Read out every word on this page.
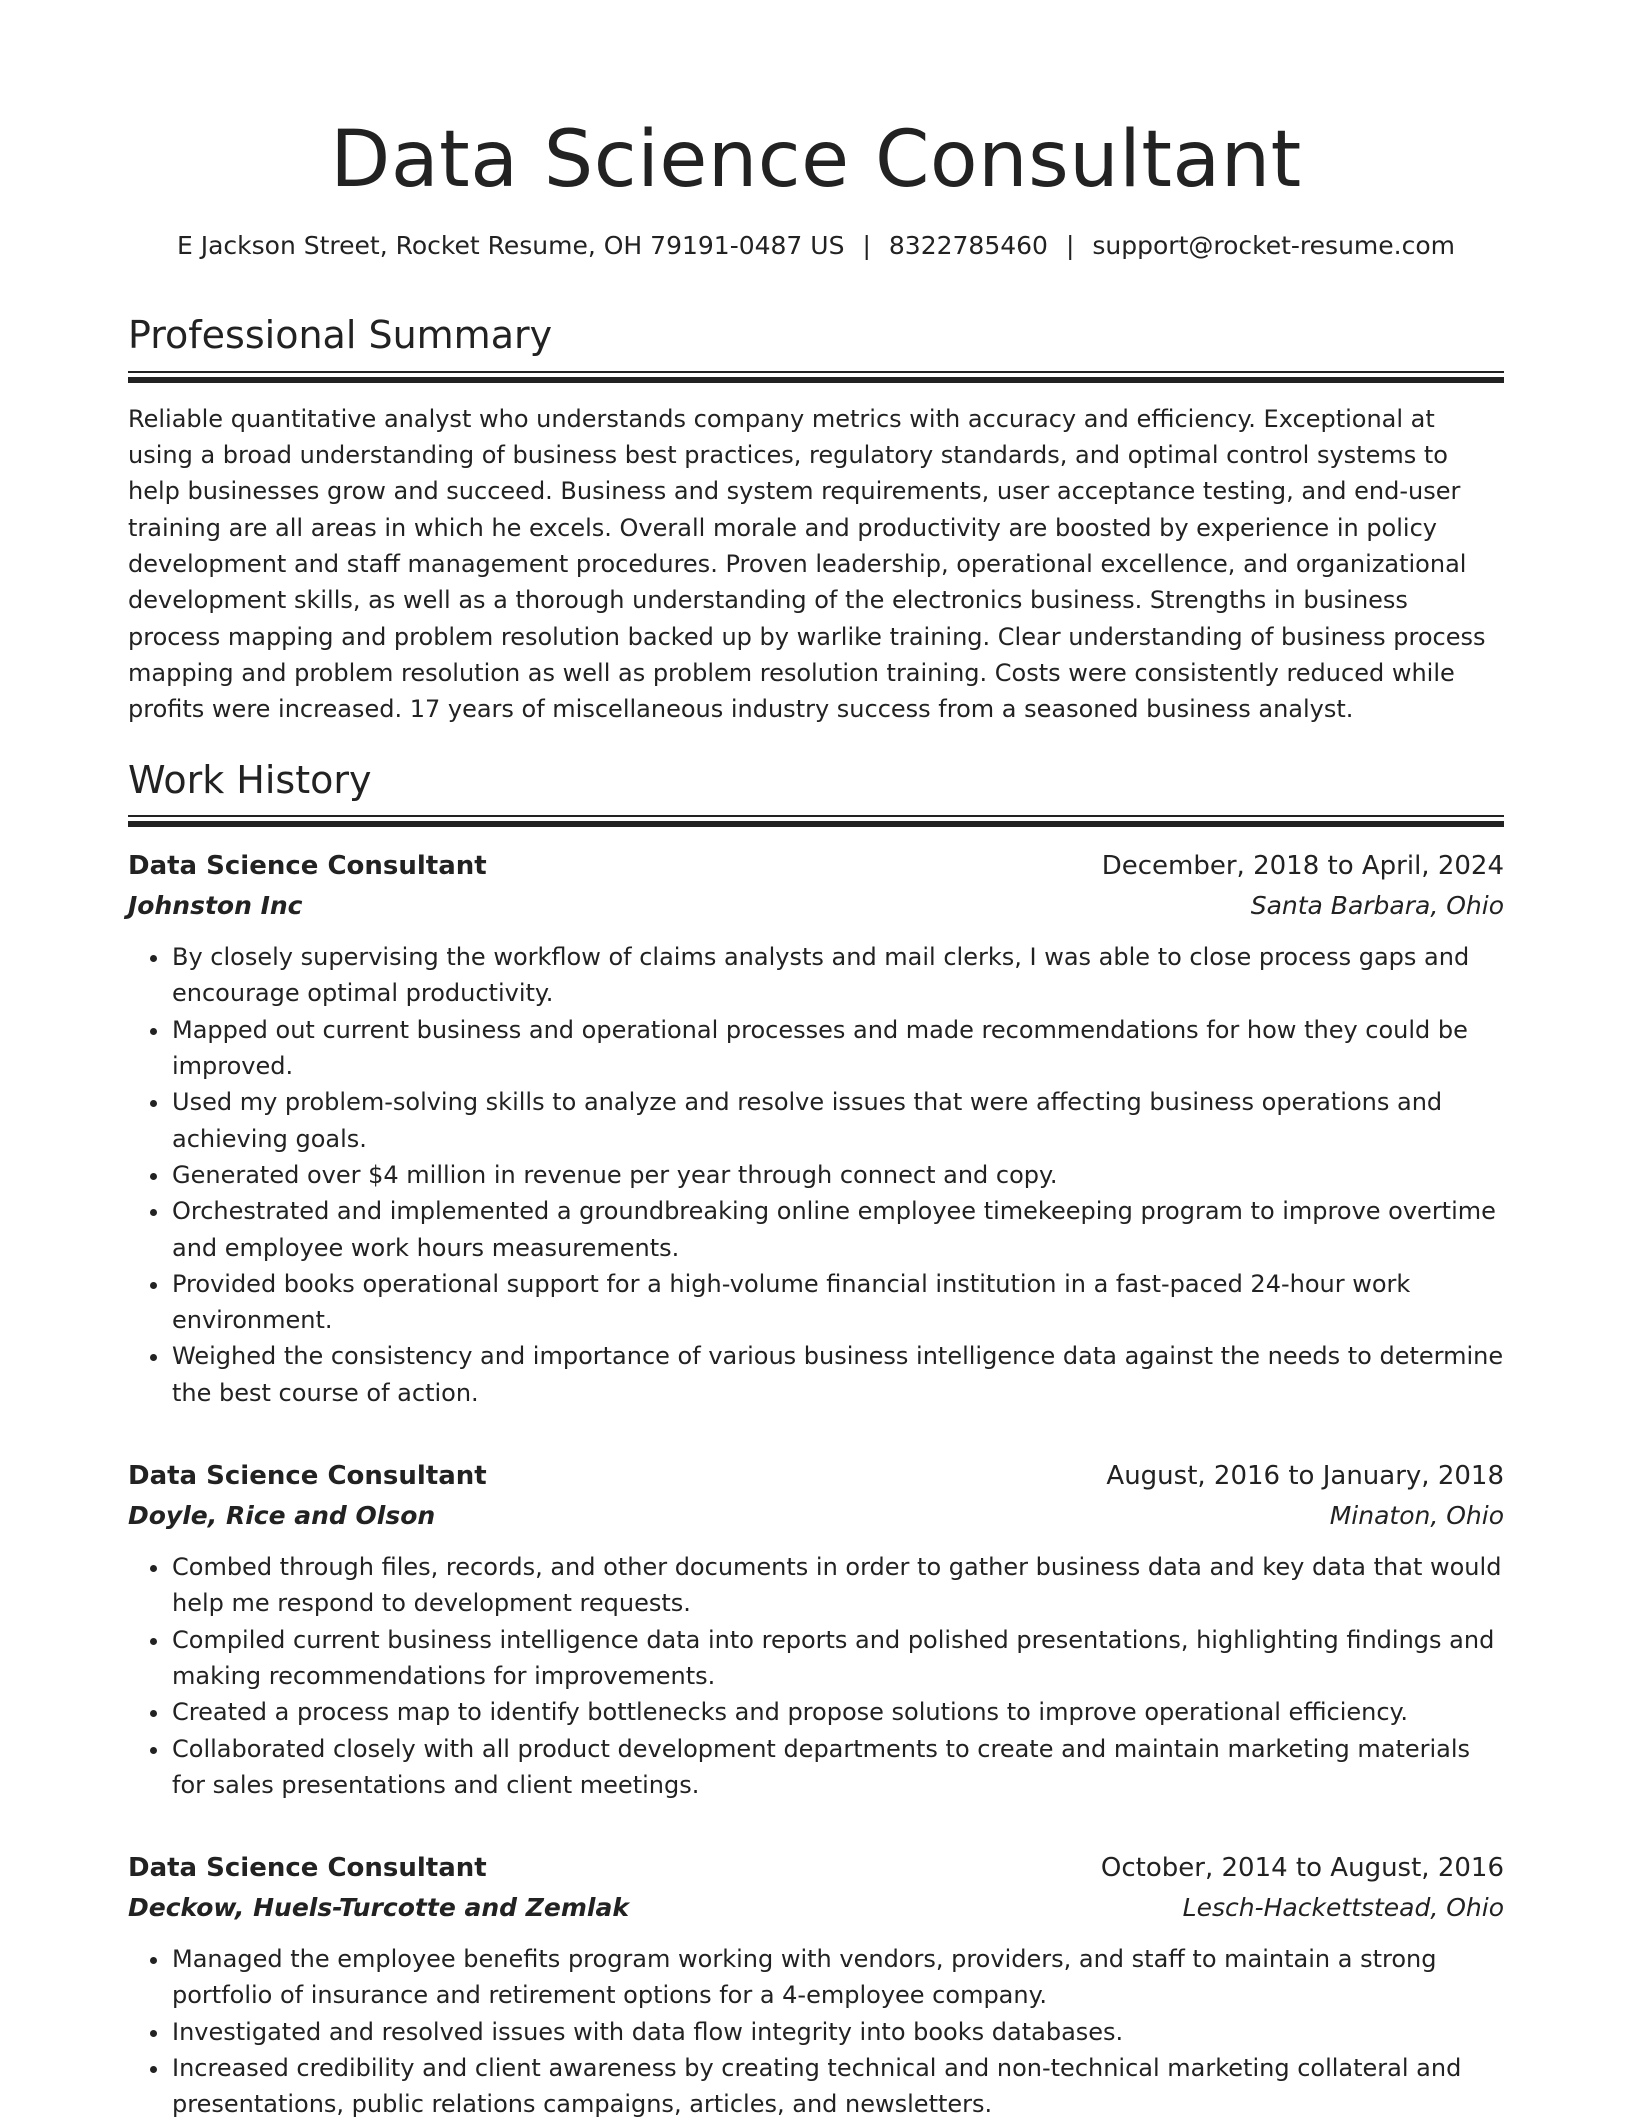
Data Science Consultant
E Jackson Street, Rocket Resume, OH 79191-0487 US | 8322785460 | support@rocket-resume.com
Professional Summary

Reliable quantitative analyst who understands company metrics with accuracy and efficiency. Exceptional at using a broad understanding of business best practices, regulatory standards, and optimal control systems to help businesses grow and succeed. Business and system requirements, user acceptance testing, and end-user training are all areas in which he excels. Overall morale and productivity are boosted by experience in policy development and staff management procedures. Proven leadership, operational excellence, and organizational development skills, as well as a thorough understanding of the electronics business. Strengths in business process mapping and problem resolution backed up by warlike training. Clear understanding of business process mapping and problem resolution as well as problem resolution training. Costs were consistently reduced while profits were increased. 17 years of miscellaneous industry success from a seasoned business analyst.

Work History
Data Science Consultant	December, 2018 to April, 2024
Johnston Inc	Santa Barbara, Ohio
• By closely supervising the workflow of claims analysts and mail clerks, I was able to close process gaps and encourage optimal productivity.
• Mapped out current business and operational processes and made recommendations for how they could be improved.
• Used my problem-solving skills to analyze and resolve issues that were affecting business operations and achieving goals.
• Generated over $4 million in revenue per year through connect and copy.
• Orchestrated and implemented a groundbreaking online employee timekeeping program to improve overtime and employee work hours measurements.
• Provided books operational support for a high-volume financial institution in a fast-paced 24-hour work environment.
• Weighed the consistency and importance of various business intelligence data against the needs to determine the best course of action.
Data Science Consultant	August, 2016 to January, 2018
Doyle, Rice and Olson	Minaton, Ohio
• Combed through files, records, and other documents in order to gather business data and key data that would help me respond to development requests.
• Compiled current business intelligence data into reports and polished presentations, highlighting findings and making recommendations for improvements.
• Created a process map to identify bottlenecks and propose solutions to improve operational efficiency.
• Collaborated closely with all product development departments to create and maintain marketing materials for sales presentations and client meetings.
Data Science Consultant	October, 2014 to August, 2016
Deckow, Huels-Turcotte and Zemlak	Lesch-Hackettstead, Ohio
• Managed the employee benefits program working with vendors, providers, and staff to maintain a strong portfolio of insurance and retirement options for a 4-employee company.
• Investigated and resolved issues with data flow integrity into books databases.
• Increased credibility and client awareness by creating technical and non-technical marketing collateral and presentations, public relations campaigns, articles, and newsletters.
